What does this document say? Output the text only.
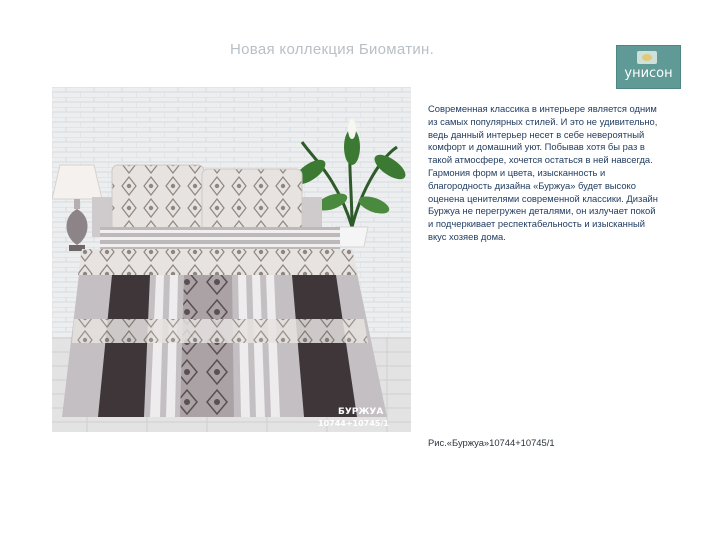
Новая коллекция Биоматин.
унисон
БУРЖУА
10744+10745/1
Современная классика в интерьере является одним из самых популярных стилей. И это не удивительно, ведь данный интерьер несет в себе невероятный комфорт и домашний уют. Побывав хотя бы раз в такой атмосфере, хочется остаться в ней навсегда. Гармония форм и цвета, изысканность и благородность дизайна «Буржуа» будет высоко оценена ценителями современной классики. Дизайн Буржуа не перегружен деталями, он излучает покой и подчеркивает респектабельность и изысканный вкус хозяев дома.
Рис.«Буржуа»10744+10745/1
